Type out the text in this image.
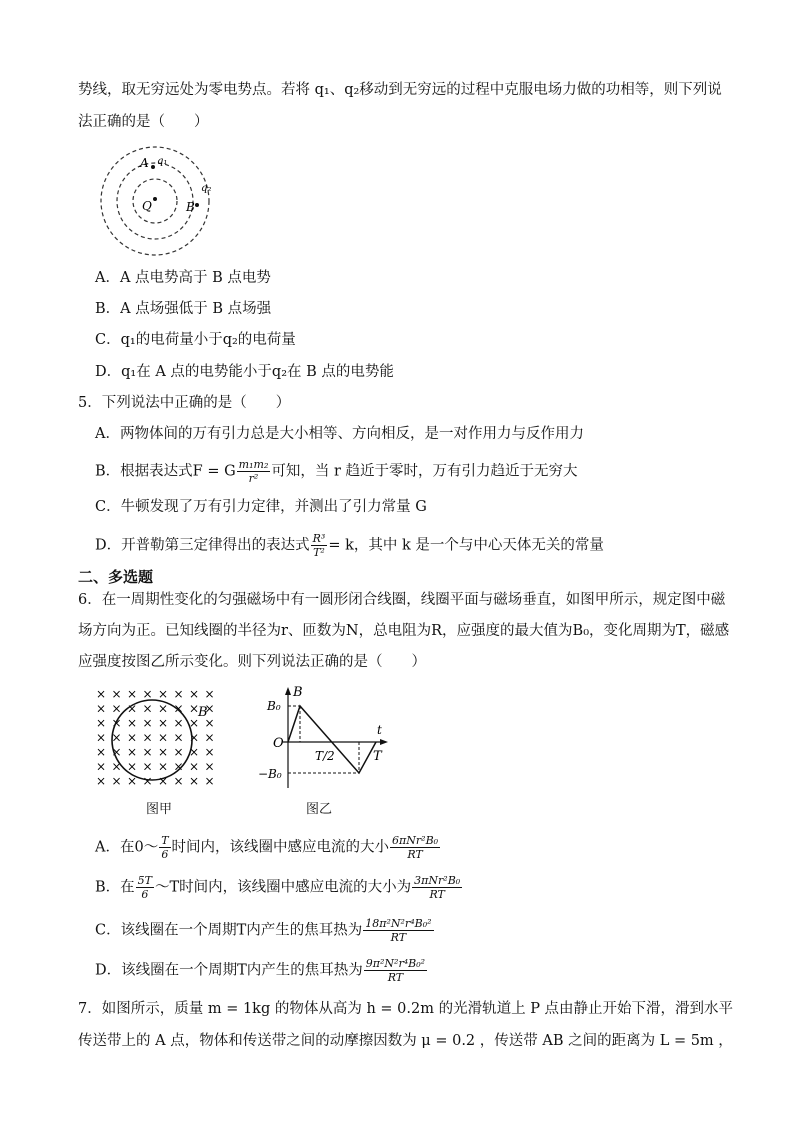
势线，取无穷远处为零电势点。若将 q₁、q₂移动到无穷远的过程中克服电场力做的功相等，则下列说
法正确的是（　　）
A q₁
Q	B
q₂
A．A 点电势高于 B 点电势
B．A 点场强低于 B 点场强
C．q₁的电荷量小于q₂的电荷量
D．q₁在 A 点的电势能小于q₂在 B 点的电势能
5．下列说法中正确的是（　　）
A．两物体间的万有引力总是大小相等、方向相反，是一对作用力与反作用力
B．根据表达式F = G $\frac{\text{m₁m₂}}{\text{r²}}$ 可知，当 r 趋近于零时，万有引力趋近于无穷大
C．牛顿发现了万有引力定律，并测出了引力常量 G
D．开普勒第三定律得出的表达式 $\frac{\text{R³}}{\text{T²}} = k$，其中 k 是一个与中心天体无关的常量
二、多选题
6．在一周期性变化的匀强磁场中有一圆形闭合线圈，线圈平面与磁场垂直，如图甲所示，规定图中磁
场方向为正。已知线圈的半径为r、匝数为N，总电阻为R，应强度的最大值为B₀，变化周期为T，磁感
应强度按图乙所示变化。则下列说法正确的是（　　）
× × × × × × × ×
× × × × × × × ×
× × × × × × × ×
× × × × × × × ×
× × × × × × × ×
× × × × × × × ×
× × × × × × × ×
B
图甲
B
B₀
O
t
T/2	T
−B₀
图乙
A．在0～ $\frac{T}{6}$ 时间内，该线圈中感应电流的大小 $\frac{\text{6πNr²B₀}}{RT}$
B．在 $\frac{5T}{6}$ ～T时间内，该线圈中感应电流的大小为 $\frac{\text{3πNr²B₀}}{RT}$
C．该线圈在一个周期T内产生的焦耳热为 $\frac{\text{18π²N²r⁴B₀²}}{RT}$
D．该线圈在一个周期T内产生的焦耳热为 $\frac{\text{9π²N²r⁴B₀²}}{RT}$
7．如图所示，质量 m = 1kg 的物体从高为 h = 0.2m 的光滑轨道上 P 点由静止开始下滑，滑到水平
传送带上的 A 点，物体和传送带之间的动摩擦因数为 μ = 0.2 ，传送带 AB 之间的距离为 L = 5m ，
